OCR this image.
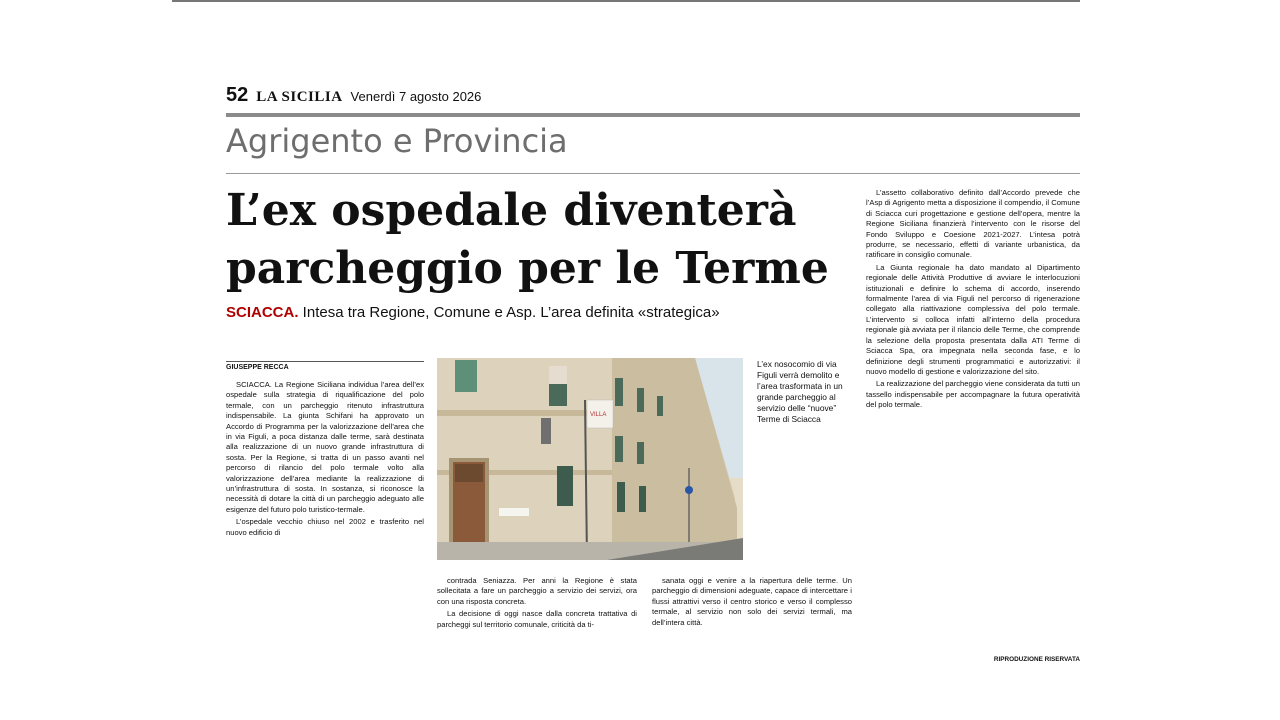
52 LA SICILIA Venerdì 7 agosto 2026
Agrigento e Provincia
L’ex ospedale diventerà
parcheggio per le Terme
SCIACCA. Intesa tra Regione, Comune e Asp. L’area definita «strategica»

L’assetto collaborativo definito dall’Accordo prevede che l’Asp di Agrigento metta a disposizione il compendio, il Comune di Sciacca curi progettazione e gestione dell’opera, mentre la Regione Siciliana finanzierà l’intervento con le risorse del Fondo Sviluppo e Coesione 2021-2027. L’intesa potrà produrre, se necessario, effetti di variante urbanistica, da ratificare in consiglio comunale.

La Giunta regionale ha dato mandato al Dipartimento regionale delle Attività Produttive di avviare le interlocuzioni istituzionali e definire lo schema di accordo, inserendo formalmente l’area di via Figuli nel percorso di rigenerazione collegato alla riattivazione complessiva del polo termale. L’intervento si colloca infatti all’interno della procedura regionale già avviata per il rilancio delle Terme, che comprende la selezione della proposta presentata dalla ATI Terme di Sciacca Spa, ora impegnata nella seconda fase, e lo definizione degli strumenti programmatici e autorizzativi: il nuovo modello di gestione e valorizzazione del sito.

La realizzazione del parcheggio viene considerata da tutti un tassello indispensabile per accompagnare la futura operatività del polo termale.

GIUSEPPE RECCA

SCIACCA. La Regione Siciliana individua l’area dell’ex ospedale sulla strategia di riqualificazione del polo termale, con un parcheggio ritenuto infrastruttura indispensabile. La giunta Schifani ha approvato un Accordo di Programma per la valorizzazione dell’area che in via Figuli, a poca distanza dalle terme, sarà destinata alla realizzazione di un nuovo grande infrastruttura di sosta. Per la Regione, si tratta di un passo avanti nel percorso di rilancio del polo termale volto alla valorizzazione dell’area mediante la realizzazione di un’infrastruttura di sosta. In sostanza, si riconosce la necessità di dotare la città di un parcheggio adeguato alle esigenze del futuro polo turistico-termale.

L’ospedale vecchio chiuso nel 2002 e trasferito nel nuovo edificio di

VILLA
L’ex nosocomio di via Figuli verrà demolito e l’area trasformata in un grande parcheggio al servizio delle “nuove” Terme di Sciacca

contrada Seniazza. Per anni la Regione è stata sollecitata a fare un parcheggio a servizio dei servizi, ora con una risposta concreta.

La decisione di oggi nasce dalla concreta trattativa di parcheggi sul territorio comunale, criticità da ti-

sanata oggi e venire a la riapertura delle terme. Un parcheggio di dimensioni adeguate, capace di intercettare i flussi attrattivi verso il centro storico e verso il complesso termale, al servizio non solo dei servizi termali, ma dell’intera città.

RIPRODUZIONE RISERVATA
